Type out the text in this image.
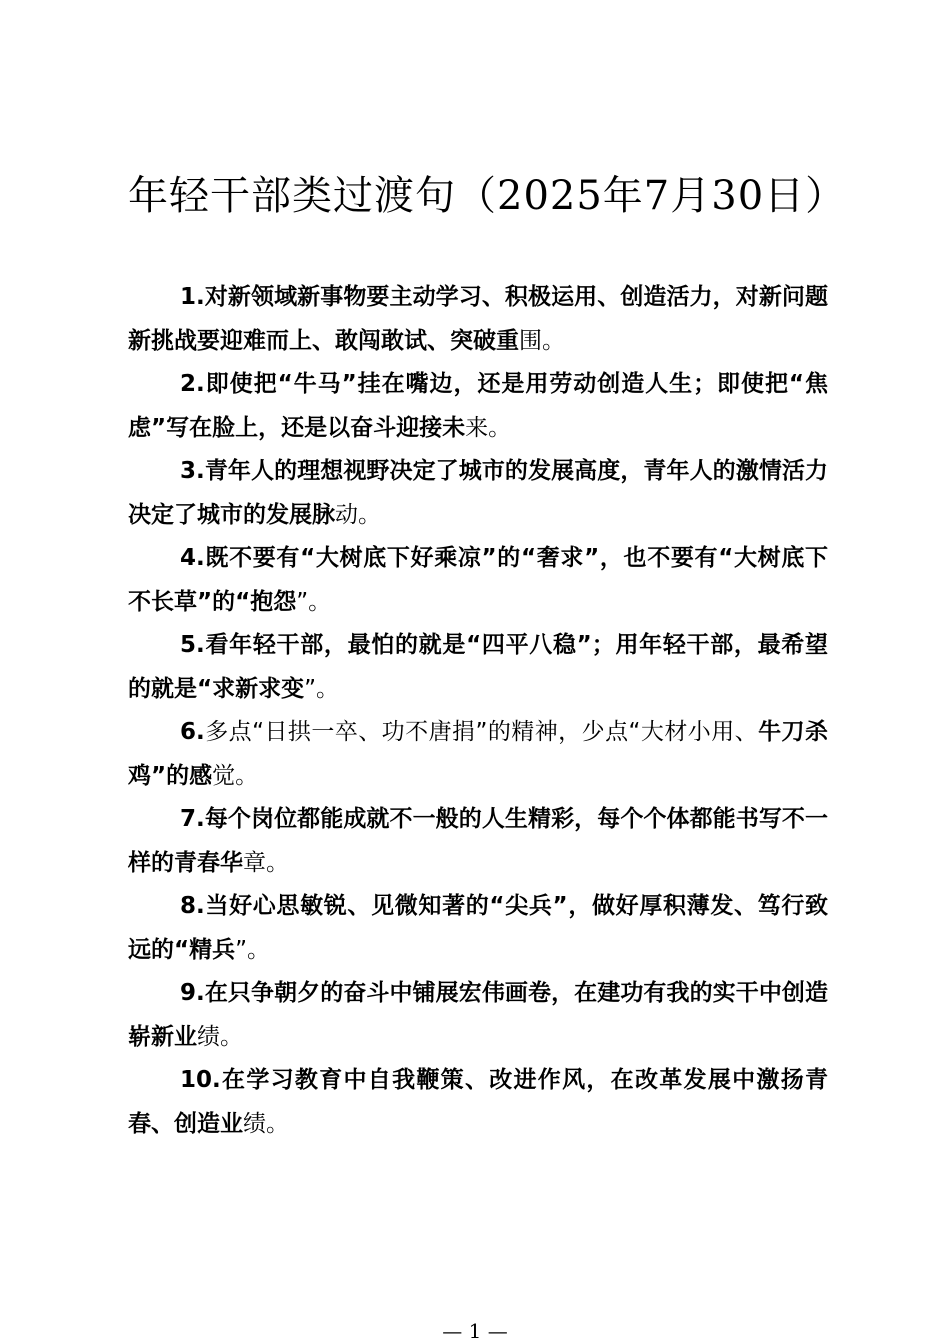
年轻干部类过渡句（2025年7月30日）

1.对新领域新事物要主动学习、积极运用、创造活力，对新问题新挑战要迎难而上、敢闯敢试、突破重围。

2.即使把“牛马”挂在嘴边，还是用劳动创造人生；即使把“焦虑”写在脸上，还是以奋斗迎接未来。

3.青年人的理想视野决定了城市的发展高度，青年人的激情活力决定了城市的发展脉动。

4.既不要有“大树底下好乘凉”的“奢求”，也不要有“大树底下不长草”的“抱怨”。

5.看年轻干部，最怕的就是“四平八稳”；用年轻干部，最希望的就是“求新求变”。

6.多点“日拱一卒、功不唐捐”的精神，少点“大材小用、牛刀杀鸡”的感觉。

7.每个岗位都能成就不一般的人生精彩，每个个体都能书写不一样的青春华章。

8.当好心思敏锐、见微知著的“尖兵”，做好厚积薄发、笃行致远的“精兵”。

9.在只争朝夕的奋斗中铺展宏伟画卷，在建功有我的实干中创造崭新业绩。

10.在学习教育中自我鞭策、改进作风，在改革发展中激扬青春、创造业绩。

— 1 —
